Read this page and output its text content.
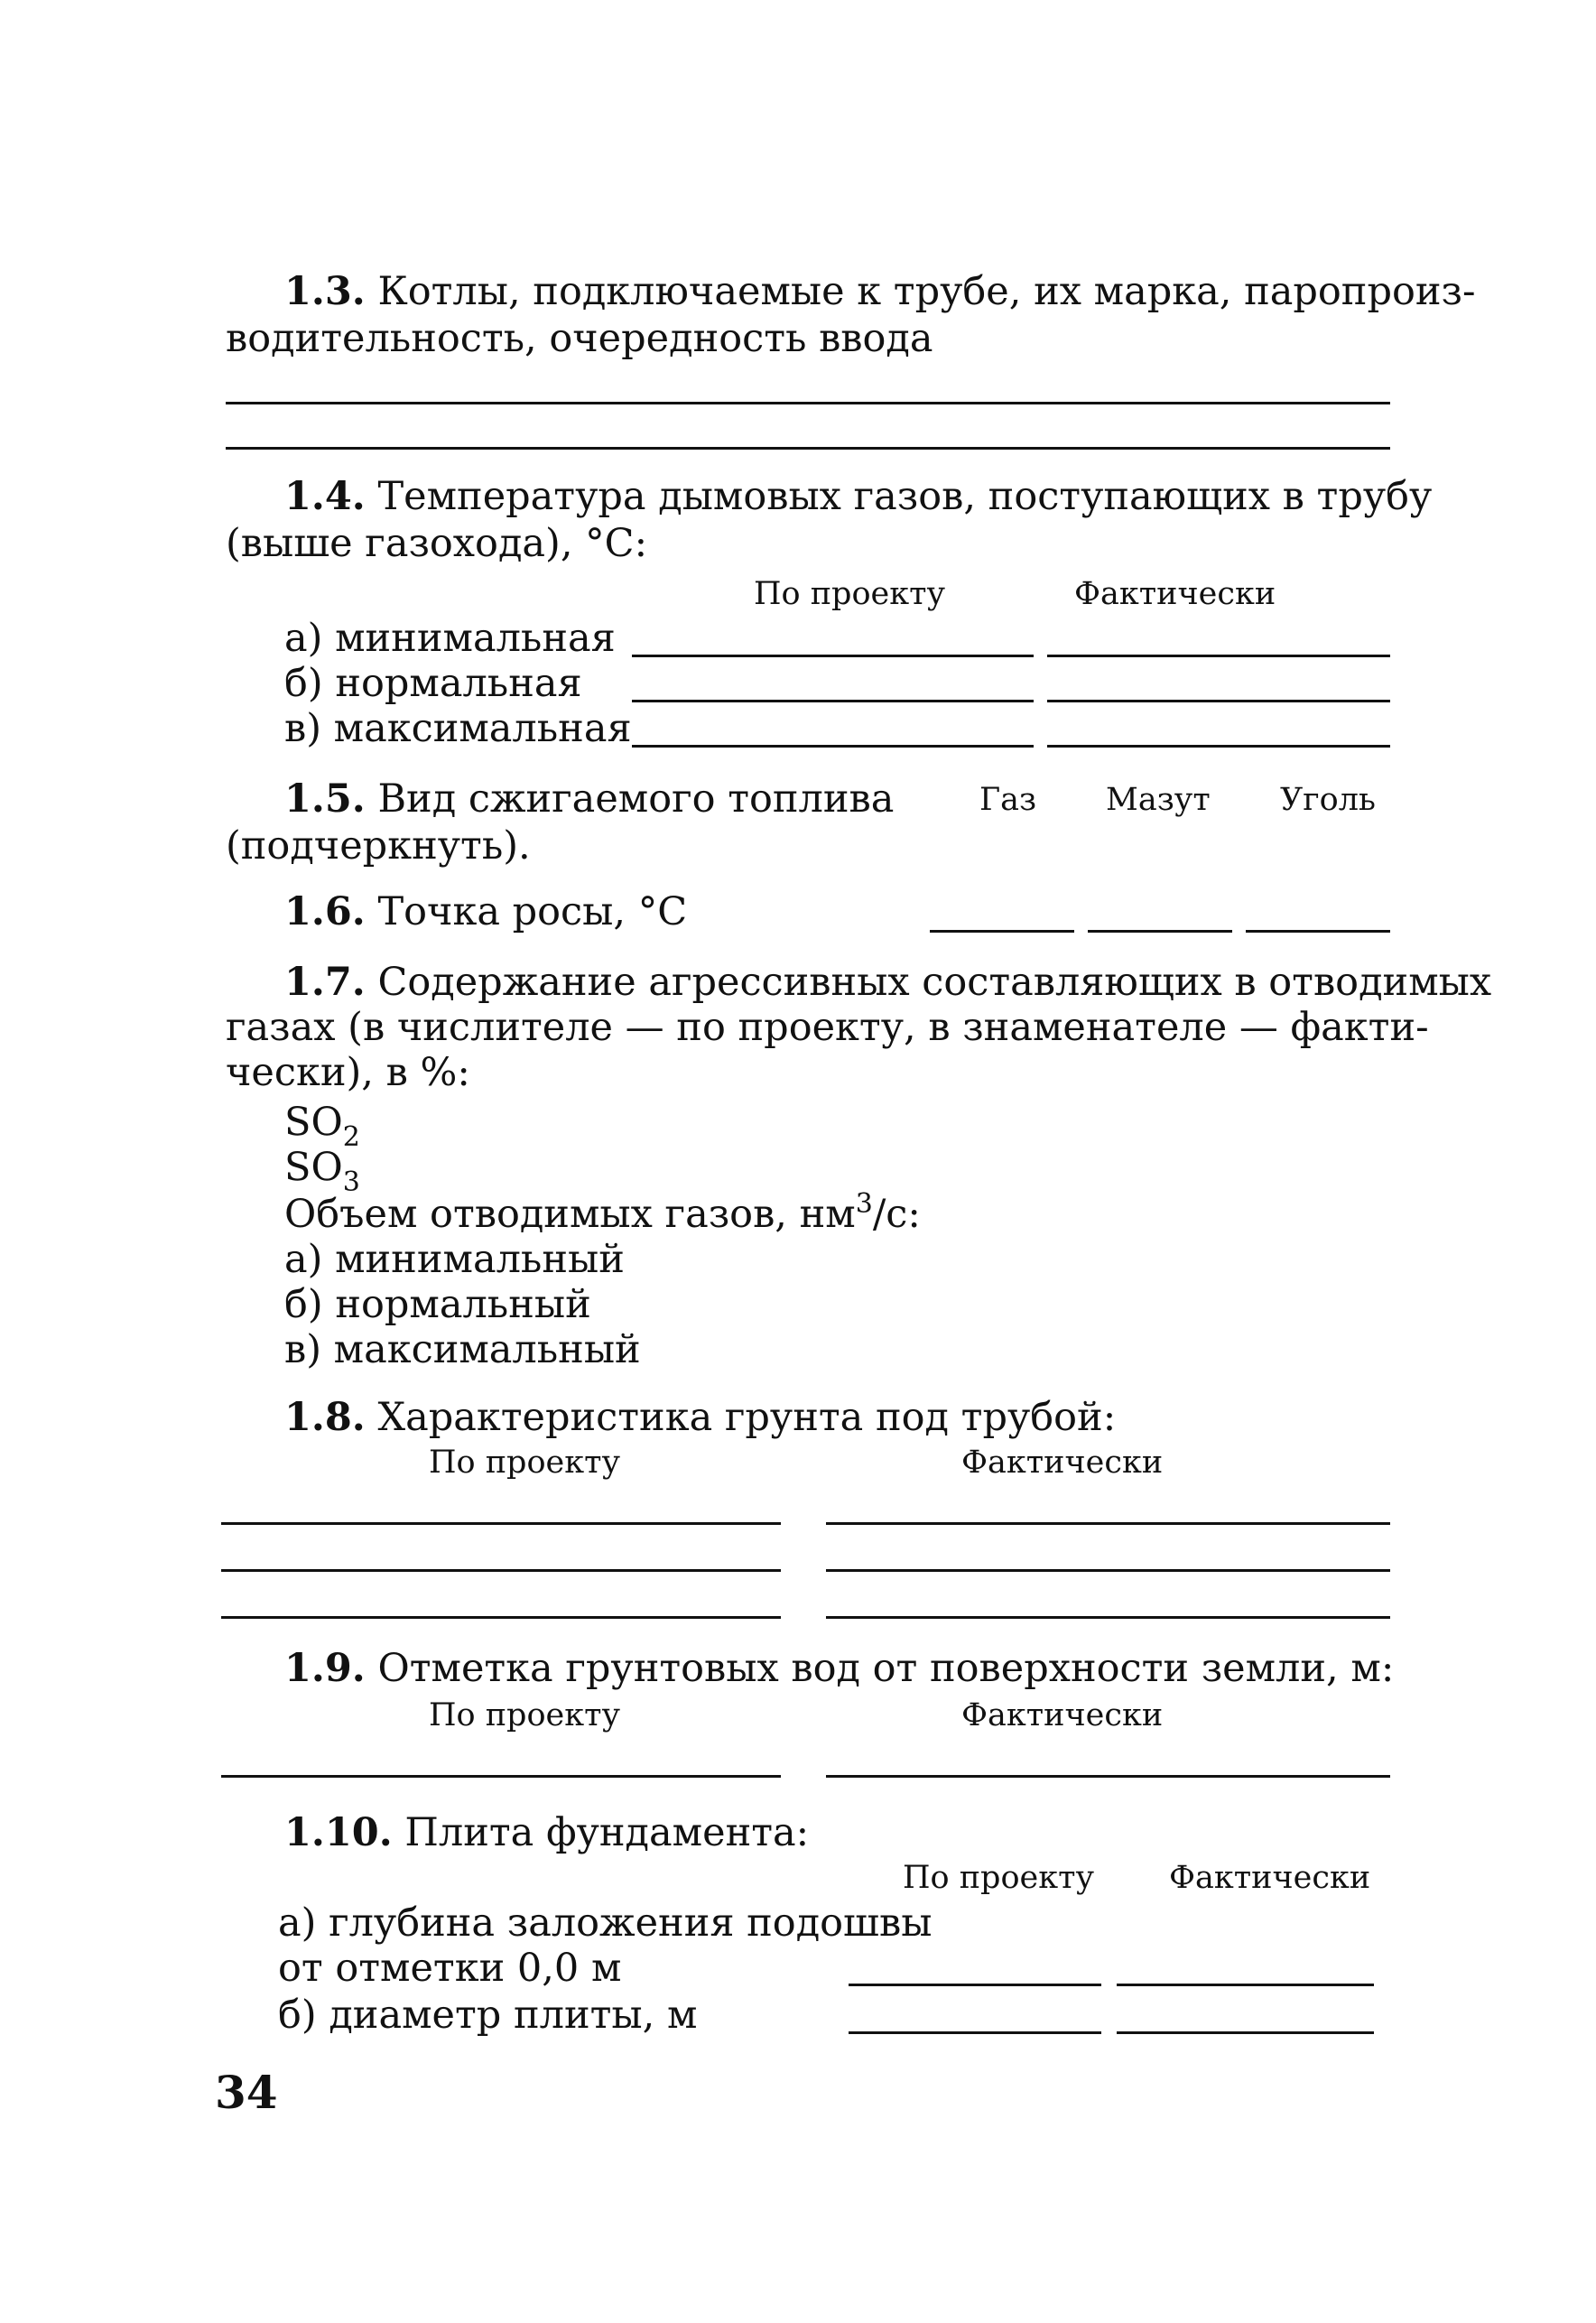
1.3. Котлы, подключаемые к трубе, их марка, паропроиз-
водительность, очередность ввода
1.4. Температура дымовых газов, поступающих в трубу
(выше газохода), °С:
По проекту	Фактически
а) минимальная
б) нормальная
в) максимальная
1.5. Вид сжигаемого топлива	Газ Мазут Уголь
(подчеркнуть).
1.6. Точка росы, °С
1.7. Содержание агрессивных составляющих в отводимых
газах (в числителе — по проекту, в знаменателе — факти-
чески), в %:
$SO_2$
$SO_3$
Объем отводимых газов, $нм^3/с$:
а) минимальный
б) нормальный
в) максимальный
1.8. Характеристика грунта под трубой:
По проекту	Фактически
1.9. Отметка грунтовых вод от поверхности земли, м:
По проекту	Фактически
1.10. Плита фундамента:
По проекту Фактически
а) глубина заложения подошвы
от отметки 0,0 м
б) диаметр плиты, м
34
